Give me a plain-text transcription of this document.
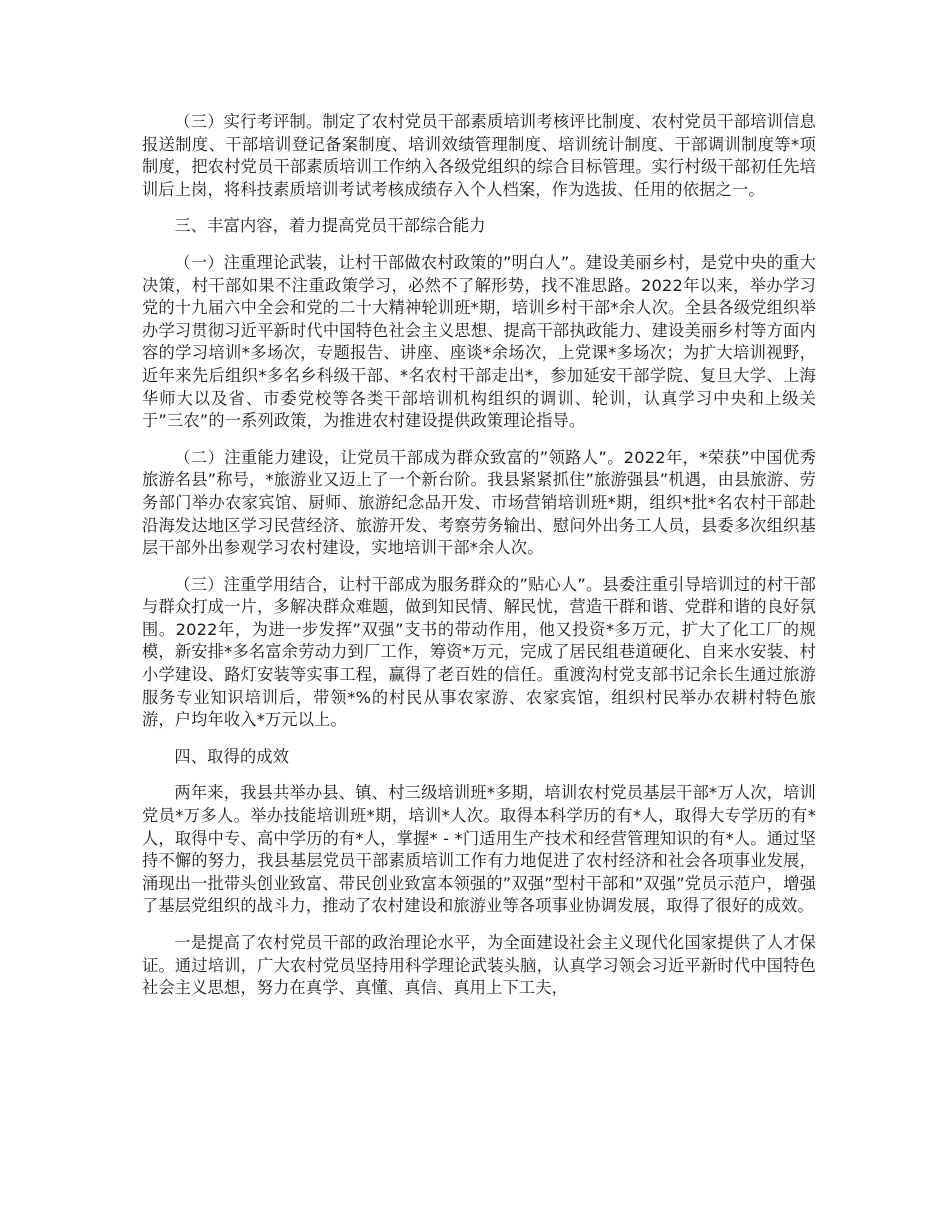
（三）实行考评制。制定了农村党员干部素质培训考核评比制度、农村党员干部培训信息报送制度、干部培训登记备案制度、培训效绩管理制度、培训统计制度、干部调训制度等*项制度，把农村党员干部素质培训工作纳入各级党组织的综合目标管理。实行村级干部初任先培训后上岗，将科技素质培训考试考核成绩存入个人档案，作为选拔、任用的依据之一。

三、丰富内容，着力提高党员干部综合能力

（一）注重理论武装，让村干部做农村政策的”明白人”。建设美丽乡村，是党中央的重大决策，村干部如果不注重政策学习，必然不了解形势，找不准思路。2022年以来，举办学习党的十九届六中全会和党的二十大精神轮训班*期，培训乡村干部*余人次。全县各级党组织举办学习贯彻习近平新时代中国特色社会主义思想、提高干部执政能力、建设美丽乡村等方面内容的学习培训*多场次，专题报告、讲座、座谈*余场次，上党课*多场次；为扩大培训视野，近年来先后组织*多名乡科级干部、*名农村干部走出*，参加延安干部学院、复旦大学、上海华师大以及省、市委党校等各类干部培训机构组织的调训、轮训，认真学习中央和上级关于”三农”的一系列政策，为推进农村建设提供政策理论指导。

（二）注重能力建设，让党员干部成为群众致富的”领路人”。2022年，*荣获”中国优秀旅游名县”称号，*旅游业又迈上了一个新台阶。我县紧紧抓住”旅游强县”机遇，由县旅游、劳务部门举办农家宾馆、厨师、旅游纪念品开发、市场营销培训班*期，组织*批*名农村干部赴沿海发达地区学习民营经济、旅游开发、考察劳务输出、慰问外出务工人员，县委多次组织基层干部外出参观学习农村建设，实地培训干部*余人次。

（三）注重学用结合，让村干部成为服务群众的”贴心人”。县委注重引导培训过的村干部与群众打成一片，多解决群众难题，做到知民情、解民忧，营造干群和谐、党群和谐的良好氛围。2022年，为进一步发挥”双强”支书的带动作用，他又投资*多万元，扩大了化工厂的规模，新安排*多名富余劳动力到厂工作，筹资*万元，完成了居民组巷道硬化、自来水安装、村小学建设、路灯安装等实事工程，赢得了老百姓的信任。重渡沟村党支部书记余长生通过旅游服务专业知识培训后，带领*%的村民从事农家游、农家宾馆，组织村民举办农耕村特色旅游，户均年收入*万元以上。

四、取得的成效

两年来，我县共举办县、镇、村三级培训班*多期，培训农村党员基层干部*万人次，培训党员*万多人。举办技能培训班*期，培训*人次。取得本科学历的有*人，取得大专学历的有*人，取得中专、高中学历的有*人，掌握* - *门适用生产技术和经营管理知识的有*人。通过坚持不懈的努力，我县基层党员干部素质培训工作有力地促进了农村经济和社会各项事业发展，涌现出一批带头创业致富、带民创业致富本领强的”双强”型村干部和”双强”党员示范户，增强了基层党组织的战斗力，推动了农村建设和旅游业等各项事业协调发展，取得了很好的成效。

一是提高了农村党员干部的政治理论水平，为全面建设社会主义现代化国家提供了人才保证。通过培训，广大农村党员坚持用科学理论武装头脑，认真学习领会习近平新时代中国特色社会主义思想，努力在真学、真懂、真信、真用上下工夫，
